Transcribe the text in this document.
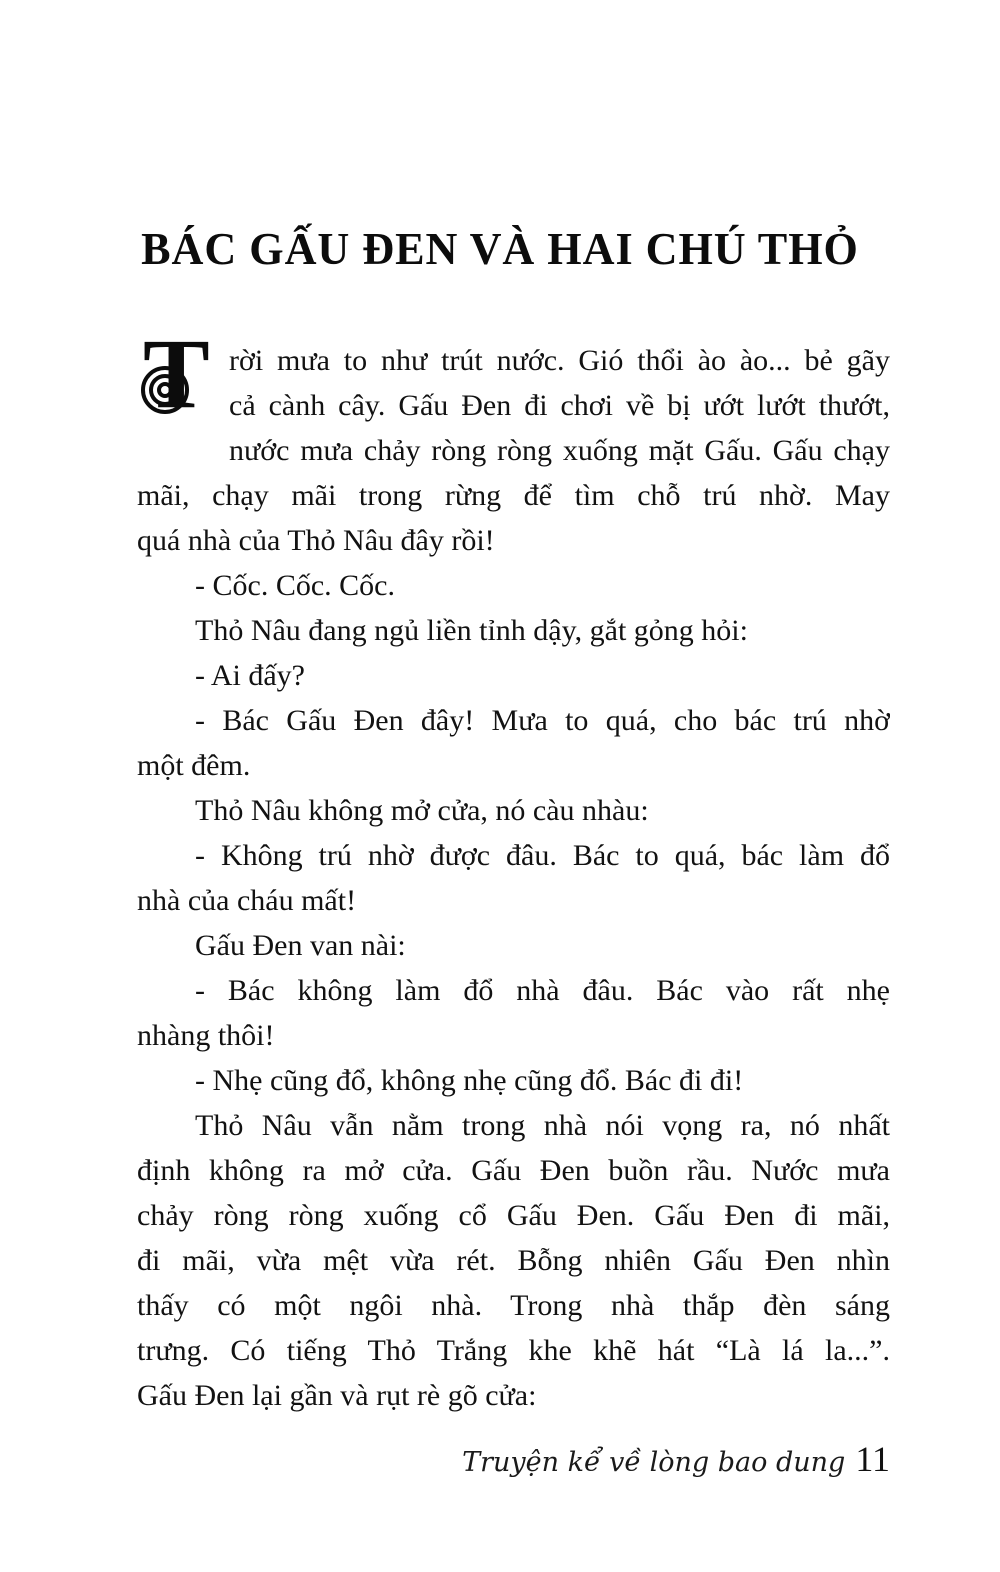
BÁC GẤU ĐEN VÀ HAI CHÚ THỎ
T rời mưa to như trút nước. Gió thổi ào ào... bẻ gãy
cả cành cây. Gấu Đen đi chơi về bị ướt lướt thướt,
nước mưa chảy ròng ròng xuống mặt Gấu. Gấu chạy
mãi, chạy mãi trong rừng để tìm chỗ trú nhờ. May
quá nhà của Thỏ Nâu đây rồi!
- Cốc. Cốc. Cốc.
Thỏ Nâu đang ngủ liền tỉnh dậy, gắt gỏng hỏi:
- Ai đấy?
- Bác Gấu Đen đây! Mưa to quá, cho bác trú nhờ
một đêm.
Thỏ Nâu không mở cửa, nó càu nhàu:
- Không trú nhờ được đâu. Bác to quá, bác làm đổ
nhà của cháu mất!
Gấu Đen van nài:
- Bác không làm đổ nhà đâu. Bác vào rất nhẹ
nhàng thôi!
- Nhẹ cũng đổ, không nhẹ cũng đổ. Bác đi đi!
Thỏ Nâu vẫn nằm trong nhà nói vọng ra, nó nhất
định không ra mở cửa. Gấu Đen buồn rầu. Nước mưa
chảy ròng ròng xuống cổ Gấu Đen. Gấu Đen đi mãi,
đi mãi, vừa mệt vừa rét. Bỗng nhiên Gấu Đen nhìn
thấy có một ngôi nhà. Trong nhà thắp đèn sáng
trưng. Có tiếng Thỏ Trắng khe khẽ hát “Là lá la...”.
Gấu Đen lại gần và rụt rè gõ cửa:
Truyện kể về lòng bao dung 11
